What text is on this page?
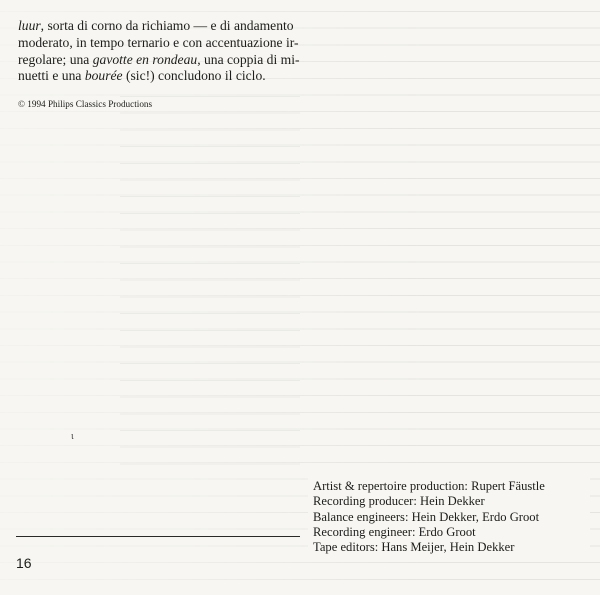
luur, sorta di corno da richiamo — e di andamento

moderato, in tempo ternario e con accentuazione ir-

regolare; una gavotte en rondeau, una coppia di mi-

nuetti e una bourée (sic!) concludono il ciclo.

© 1994 Philips Classics Productions
ɩ
16
Artist & repertoire production: Rupert Fäustle
Recording producer: Hein Dekker
Balance engineers: Hein Dekker, Erdo Groot
Recording engineer: Erdo Groot
Tape editors: Hans Meijer, Hein Dekker
